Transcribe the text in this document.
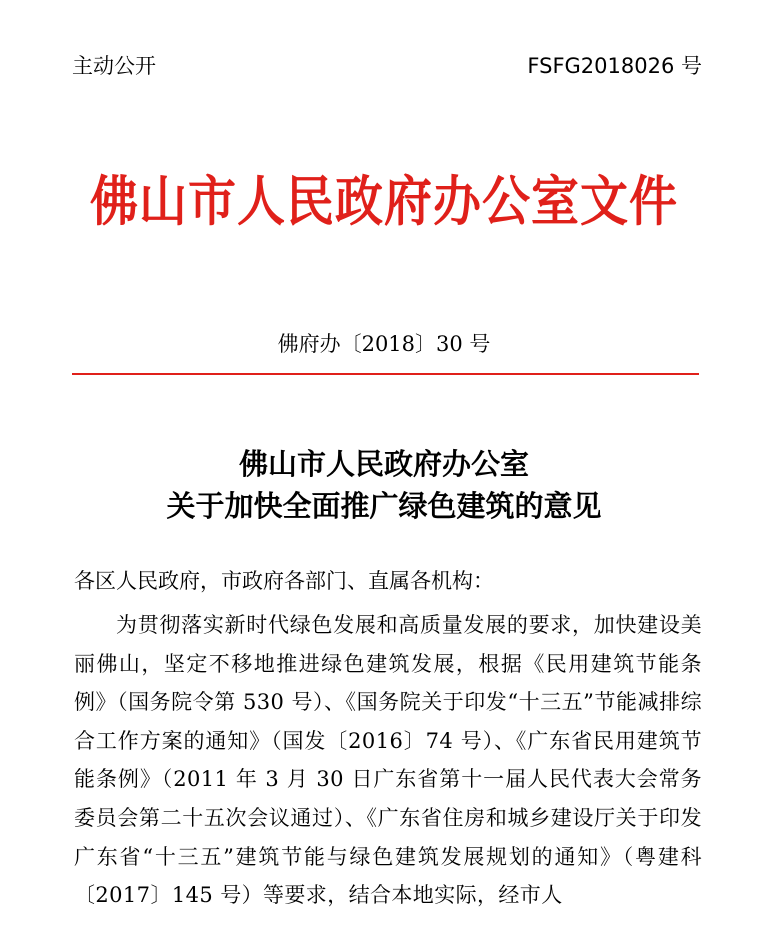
主动公开	FSFG2018026 号
佛山市人民政府办公室文件
佛府办〔2018〕30 号
佛山市人民政府办公室
关于加快全面推广绿色建筑的意见
各区人民政府，市政府各部门、直属各机构：
为贯彻落实新时代绿色发展和高质量发展的要求，加快建设美丽佛山，坚定不移地推进绿色建筑发展，根据《民用建筑节能条例》（国务院令第 530 号）、《国务院关于印发“十三五”节能减排综合工作方案的通知》（国发〔2016〕74 号）、《广东省民用建筑节能条例》（2011 年 3 月 30 日广东省第十一届人民代表大会常务委员会第二十五次会议通过）、《广东省住房和城乡建设厅关于印发广东省“十三五”建筑节能与绿色建筑发展规划的通知》（粤建科〔2017〕145 号）等要求，结合本地实际，经市人
